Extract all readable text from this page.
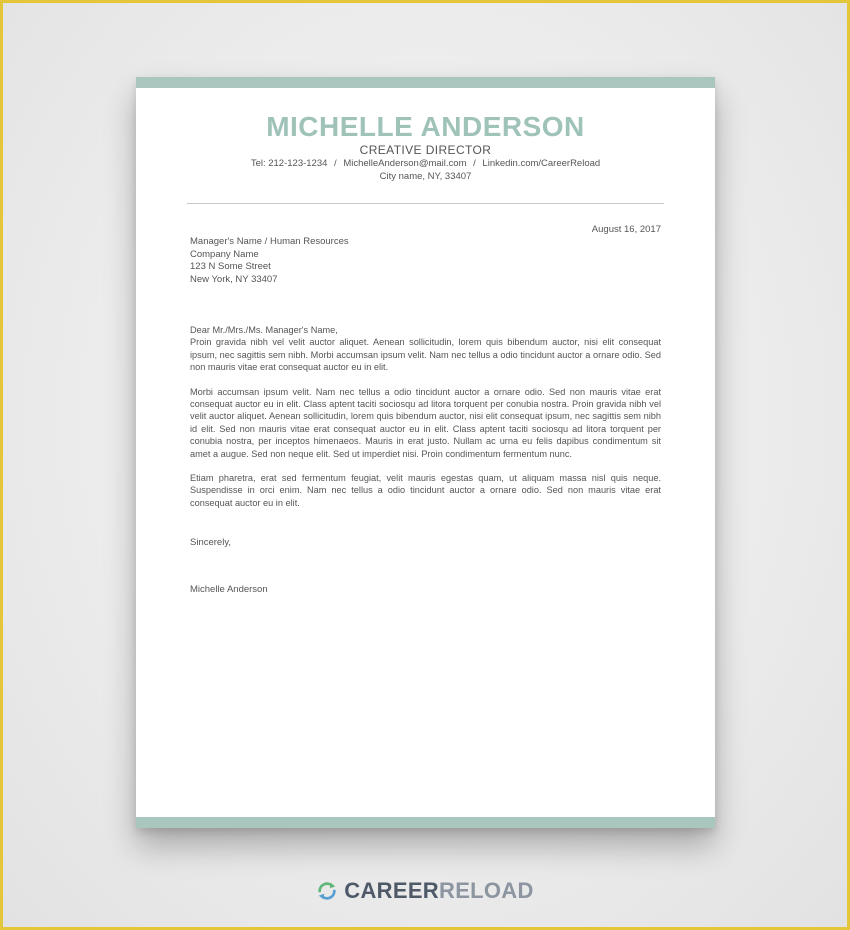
MICHELLE ANDERSON
CREATIVE DIRECTOR
Tel: 212-123-1234 / MichelleAnderson@mail.com / Linkedin.com/CareerReload
City name, NY, 33407
August 16, 2017
Manager's Name / Human Resources
Company Name
123 N Some Street
New York, NY 33407
Dear Mr./Mrs./Ms. Manager's Name,

Proin gravida nibh vel velit auctor aliquet. Aenean sollicitudin, lorem quis bibendum auctor, nisi elit consequat ipsum, nec sagittis sem nibh. Morbi accumsan ipsum velit. Nam nec tellus a odio tincidunt auctor a ornare odio. Sed non mauris vitae erat consequat auctor eu in elit.

Morbi accumsan ipsum velit. Nam nec tellus a odio tincidunt auctor a ornare odio. Sed non mauris vitae erat consequat auctor eu in elit. Class aptent taciti sociosqu ad litora torquent per conubia nostra. Proin gravida nibh vel velit auctor aliquet. Aenean sollicitudin, lorem quis bibendum auctor, nisi elit consequat ipsum, nec sagittis sem nibh id elit. Sed non mauris vitae erat consequat auctor eu in elit. Class aptent taciti sociosqu ad litora torquent per conubia nostra, per inceptos himenaeos. Mauris in erat justo. Nullam ac urna eu felis dapibus condimentum sit amet a augue. Sed non neque elit. Sed ut imperdiet nisi. Proin condimentum fermentum nunc.

Etiam pharetra, erat sed fermentum feugiat, velit mauris egestas quam, ut aliquam massa nisl quis neque. Suspendisse in orci enim. Nam nec tellus a odio tincidunt auctor a ornare odio. Sed non mauris vitae erat consequat auctor eu in elit.

Sincerely,
Michelle Anderson
CAREERRELOAD
